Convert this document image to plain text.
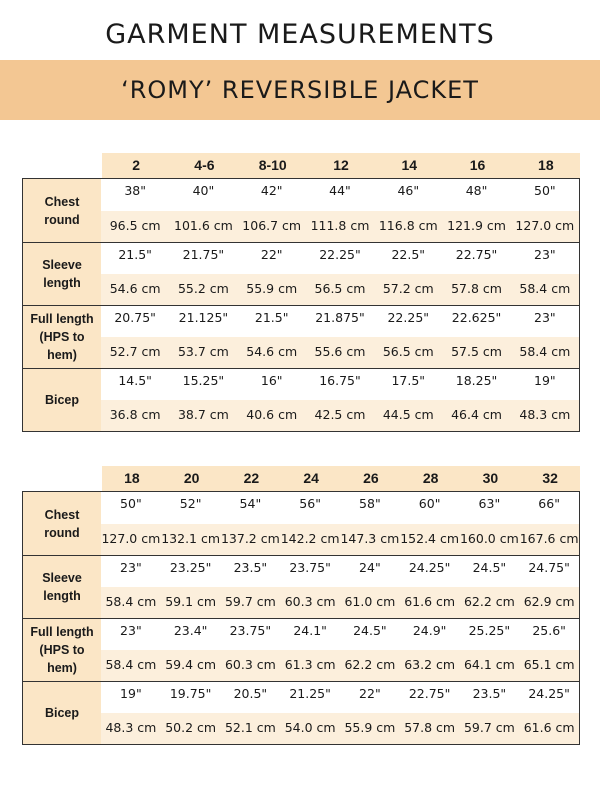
GARMENT MEASUREMENTS
‘ROMY’ REVERSIBLE JACKET
2	4-6	8-10	12	14	16	18
Chest
round
38"	40"	42"	44"	46"	48"	50"
96.5 cm	101.6 cm 106.7 cm 111.8 cm 116.8 cm 121.9 cm 127.0 cm
Sleeve
length
21.5"	21.75"	22"	22.25"	22.5"	22.75"	23"
54.6 cm	55.2 cm	55.9 cm	56.5 cm	57.2 cm	57.8 cm	58.4 cm
Full length
(HPS to hem)
20.75"	21.125"	21.5"	21.875"	22.25"	22.625"	23"
52.7 cm	53.7 cm	54.6 cm	55.6 cm	56.5 cm	57.5 cm	58.4 cm
Bicep
14.5"	15.25"	16"	16.75"	17.5"	18.25"	19"
36.8 cm	38.7 cm	40.6 cm	42.5 cm	44.5 cm	46.4 cm	48.3 cm
18	20	22	24	26	28	30	32
Chest
round
50"	52"	54"	56"	58"	60"	63"	66"
127.0 cm 132.1 cm 137.2 cm 142.2 cm 147.3 cm 152.4 cm 160.0 cm 167.6 cm
Sleeve
length
23"	23.25"	23.5"	23.75"	24"	24.25"	24.5"	24.75"
58.4 cm 59.1 cm 59.7 cm 60.3 cm 61.0 cm 61.6 cm 62.2 cm 62.9 cm
Full length
(HPS to hem)
23"	23.4"	23.75"	24.1"	24.5"	24.9"	25.25"	25.6"
58.4 cm 59.4 cm 60.3 cm 61.3 cm 62.2 cm 63.2 cm 64.1 cm 65.1 cm
Bicep
19"	19.75"	20.5"	21.25"	22"	22.75"	23.5"	24.25"
48.3 cm 50.2 cm 52.1 cm 54.0 cm 55.9 cm 57.8 cm 59.7 cm 61.6 cm
